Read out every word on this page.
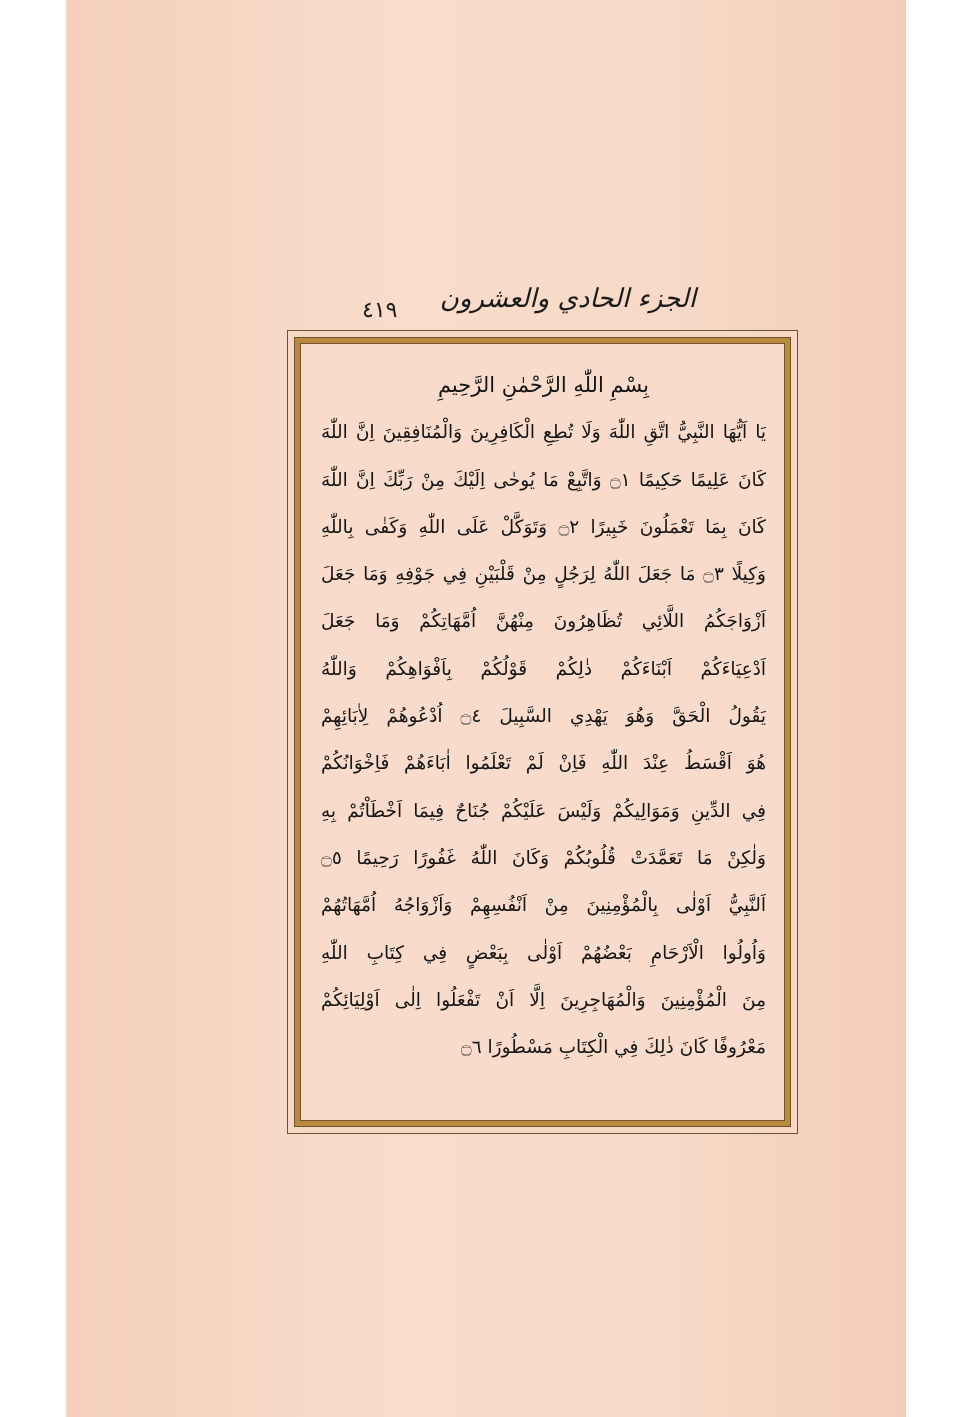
الجزء الحادي والعشرون
٤١٩
بِسْمِ اللّٰهِ الرَّحْمٰنِ الرَّحِيمِ
يَا اَيُّهَا النَّبِيُّ اتَّقِ اللّٰهَ وَلَا تُطِعِ الْكَافِرِينَ وَالْمُنَافِقِينَ اِنَّ اللّٰهَ
كَانَ عَلِيمًا حَكِيمًا ۝١ وَاتَّبِعْ مَا يُوحٰى اِلَيْكَ مِنْ رَبِّكَ اِنَّ اللّٰهَ
كَانَ بِمَا تَعْمَلُونَ خَبِيرًا ۝٢ وَتَوَكَّلْ عَلَى اللّٰهِ وَكَفٰى بِاللّٰهِ
وَكِيلًا ۝٣ مَا جَعَلَ اللّٰهُ لِرَجُلٍ مِنْ قَلْبَيْنِ فِي جَوْفِهِ وَمَا جَعَلَ
اَزْوَاجَكُمُ اللَّائِي تُظَاهِرُونَ مِنْهُنَّ اُمَّهَاتِكُمْ وَمَا جَعَلَ
اَدْعِيَاءَكُمْ اَبْنَاءَكُمْ ذٰلِكُمْ قَوْلُكُمْ بِاَفْوَاهِكُمْ وَاللّٰهُ
يَقُولُ الْحَقَّ وَهُوَ يَهْدِي السَّبِيلَ ۝٤ اُدْعُوهُمْ لِاٰبَائِهِمْ
هُوَ اَقْسَطُ عِنْدَ اللّٰهِ فَاِنْ لَمْ تَعْلَمُوا اٰبَاءَهُمْ فَاِخْوَانُكُمْ
فِي الدِّينِ وَمَوَالِيكُمْ وَلَيْسَ عَلَيْكُمْ جُنَاحٌ فِيمَا اَخْطَاْتُمْ بِهِ
وَلٰكِنْ مَا تَعَمَّدَتْ قُلُوبُكُمْ وَكَانَ اللّٰهُ غَفُورًا رَحِيمًا ۝٥
اَلنَّبِيُّ اَوْلٰى بِالْمُؤْمِنِينَ مِنْ اَنْفُسِهِمْ وَاَزْوَاجُهُ اُمَّهَاتُهُمْ
وَاُولُوا الْاَرْحَامِ بَعْضُهُمْ اَوْلٰى بِبَعْضٍ فِي كِتَابِ اللّٰهِ
مِنَ الْمُؤْمِنِينَ وَالْمُهَاجِرِينَ اِلَّا اَنْ تَفْعَلُوا اِلٰى اَوْلِيَائِكُمْ
مَعْرُوفًا كَانَ ذٰلِكَ فِي الْكِتَابِ مَسْطُورًا ۝٦
